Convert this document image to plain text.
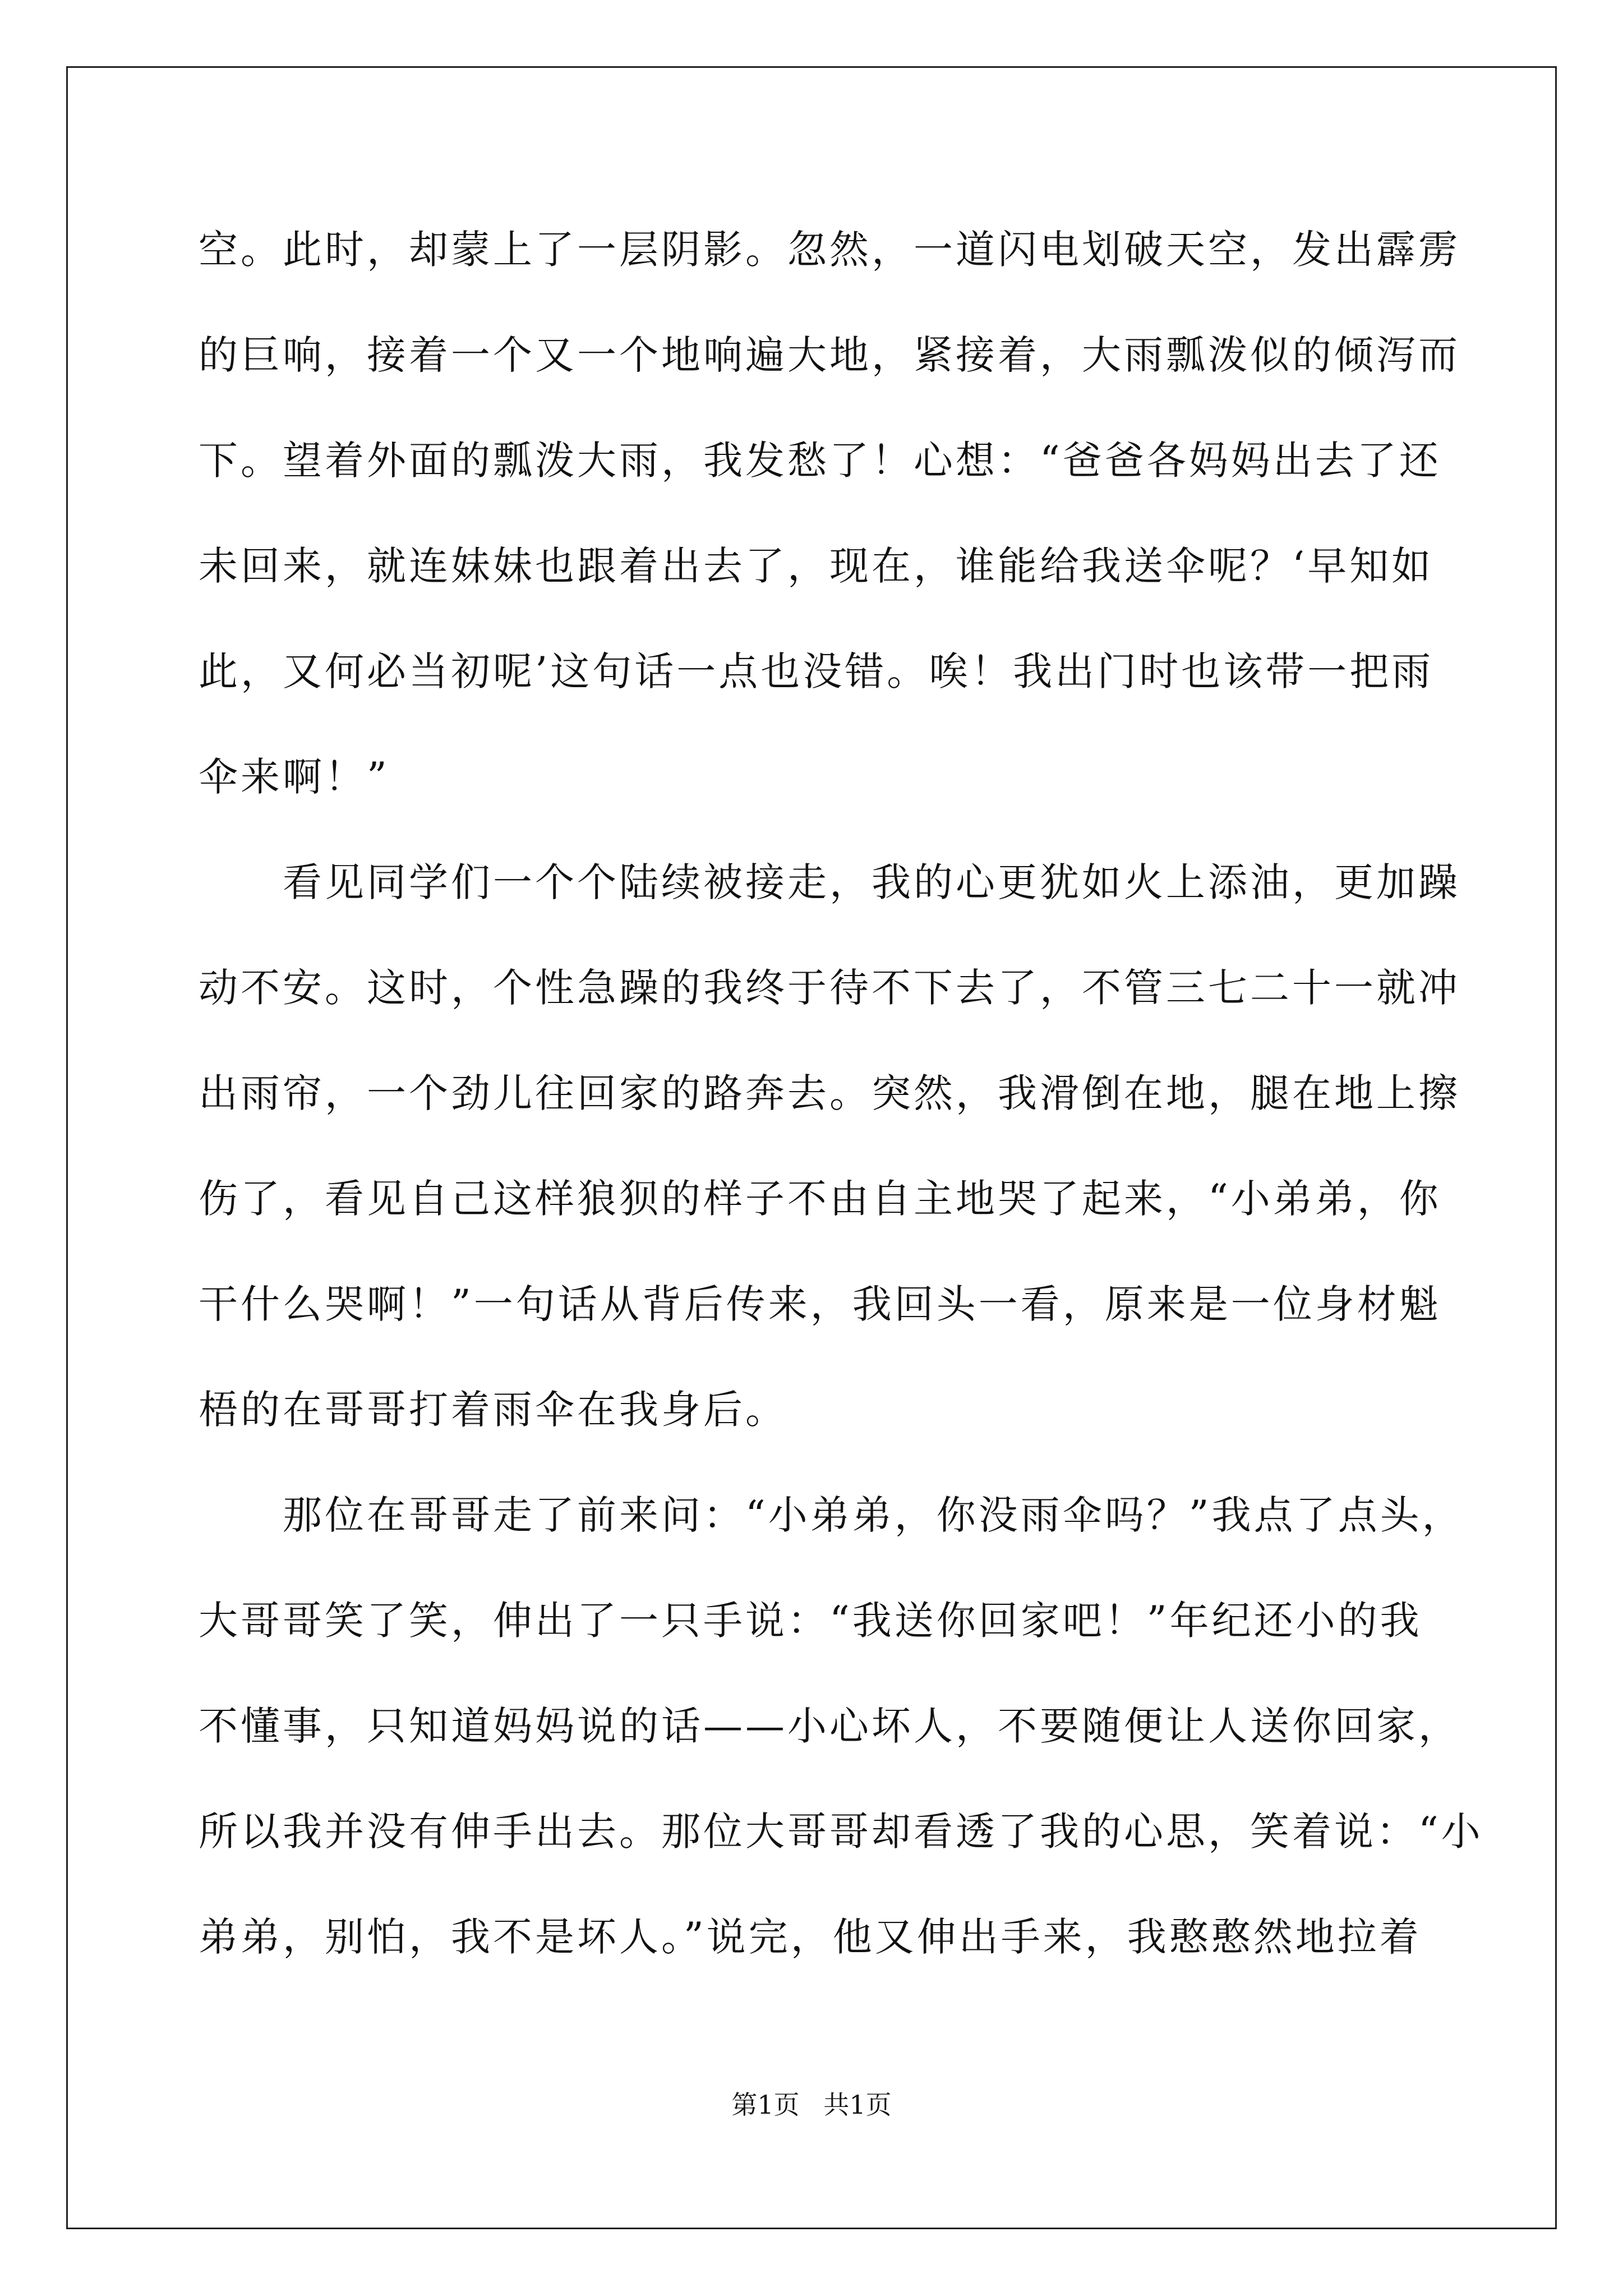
空。此时，却蒙上了一层阴影。忽然，一道闪电划破天空，发出霹雳
的巨响，接着一个又一个地响遍大地，紧接着，大雨瓢泼似的倾泻而
下。望着外面的瓢泼大雨，我发愁了！心想：“爸爸各妈妈出去了还
未回来，就连妹妹也跟着出去了，现在，谁能给我送伞呢？‘早知如
此，又何必当初呢’这句话一点也没错。唉！我出门时也该带一把雨
伞来啊！”
看见同学们一个个陆续被接走，我的心更犹如火上添油，更加躁
动不安。这时，个性急躁的我终于待不下去了，不管三七二十一就冲
出雨帘，一个劲儿往回家的路奔去。突然，我滑倒在地，腿在地上擦
伤了，看见自己这样狼狈的样子不由自主地哭了起来，“小弟弟，你
干什么哭啊！”一句话从背后传来，我回头一看，原来是一位身材魁
梧的在哥哥打着雨伞在我身后。
那位在哥哥走了前来问：“小弟弟，你没雨伞吗？”我点了点头，
大哥哥笑了笑，伸出了一只手说：“我送你回家吧！”年纪还小的我
不懂事，只知道妈妈说的话——小心坏人，不要随便让人送你回家，
所以我并没有伸手出去。那位大哥哥却看透了我的心思，笑着说：“小
弟弟，别怕，我不是坏人。”说完，他又伸出手来，我憨憨然地拉着
第1页 共1页
